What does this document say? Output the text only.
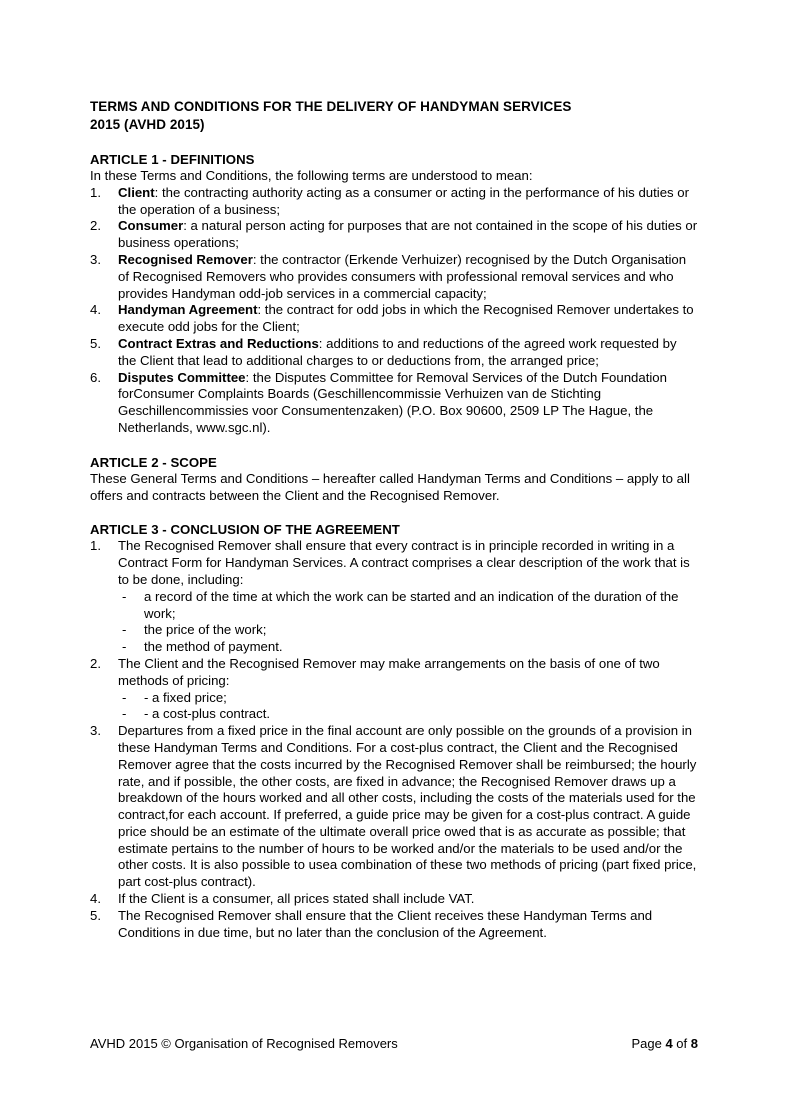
TERMS AND CONDITIONS FOR THE DELIVERY OF HANDYMAN SERVICES
2015 (AVHD 2015)
ARTICLE 1 - DEFINITIONS

In these Terms and Conditions, the following terms are understood to mean:

1.	Client: the contracting authority acting as a consumer or acting in the performance of his duties or the operation of a business;
2.	Consumer: a natural person acting for purposes that are not contained in the scope of his duties or business operations;
3.	Recognised Remover: the contractor (Erkende Verhuizer) recognised by the Dutch Organisation of Recognised Removers who provides consumers with professional removal services and who provides Handyman odd-job services in a commercial capacity;
4.	Handyman Agreement: the contract for odd jobs in which the Recognised Remover undertakes to execute odd jobs for the Client;
5.	Contract Extras and Reductions: additions to and reductions of the agreed work requested by the Client that lead to additional charges to or deductions from, the arranged price;
6.	Disputes Committee: the Disputes Committee for Removal Services of the Dutch Foundation forConsumer Complaints Boards (Geschillencommissie Verhuizen van de Stichting Geschillencommissies voor Consumentenzaken) (P.O. Box 90600, 2509 LP The Hague, the Netherlands, www.sgc.nl).
ARTICLE 2 - SCOPE

These General Terms and Conditions – hereafter called Handyman Terms and Conditions – apply to all offers and contracts between the Client and the Recognised Remover.

ARTICLE 3 - CONCLUSION OF THE AGREEMENT
1.	The Recognised Remover shall ensure that every contract is in principle recorded in writing in a Contract Form for Handyman Services. A contract comprises a clear description of the work that is to be done, including:
- a record of the time at which the work can be started and an indication of the duration of the work;
- the price of the work;
- the method of payment.
2.	The Client and the Recognised Remover may make arrangements on the basis of one of two methods of pricing:
- - a fixed price;
- - a cost-plus contract.
3.	Departures from a fixed price in the final account are only possible on the grounds of a provision in these Handyman Terms and Conditions. For a cost-plus contract, the Client and the Recognised Remover agree that the costs incurred by the Recognised Remover shall be reimbursed; the hourly rate, and if possible, the other costs, are fixed in advance; the Recognised Remover draws up a breakdown of the hours worked and all other costs, including the costs of the materials used for the contract,for each account. If preferred, a guide price may be given for a cost-plus contract. A guide price should be an estimate of the ultimate overall price owed that is as accurate as possible; that estimate pertains to the number of hours to be worked and/or the materials to be used and/or the other costs. It is also possible to usea combination of these two methods of pricing (part fixed price, part cost-plus contract).
4.	If the Client is a consumer, all prices stated shall include VAT.
5.	The Recognised Remover shall ensure that the Client receives these Handyman Terms and Conditions in due time, but no later than the conclusion of the Agreement.
AVHD 2015 © Organisation of Recognised Removers	Page 4 of 8
